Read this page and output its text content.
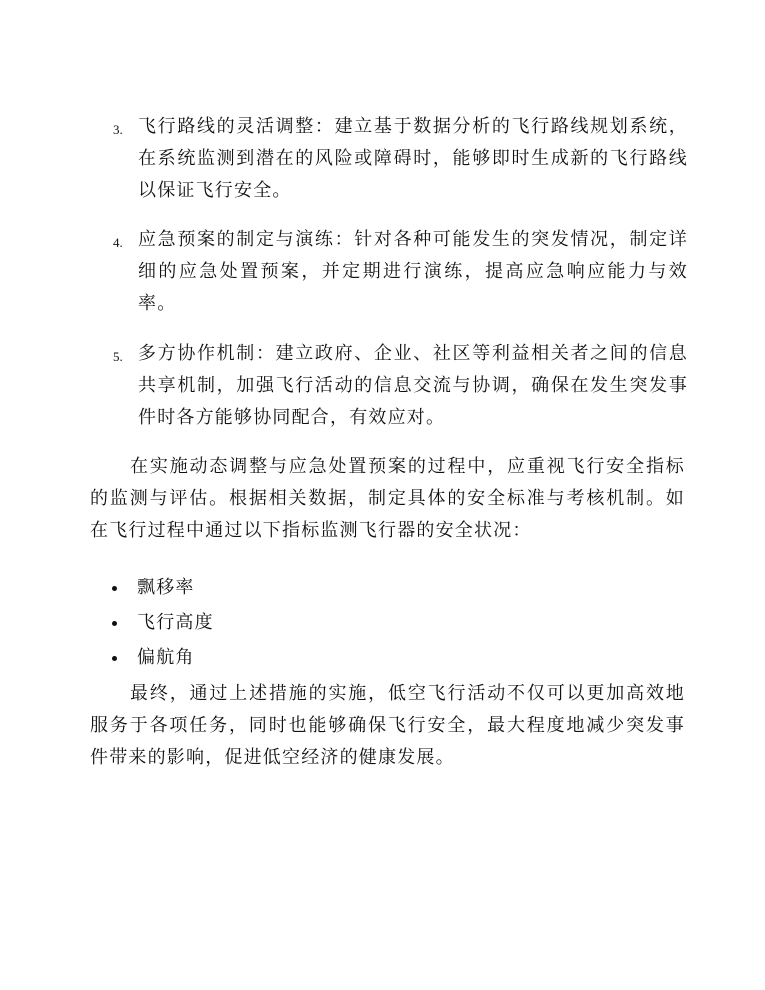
3. 飞行路线的灵活调整：建立基于数据分析的飞行路线规划系统，在系统监测到潜在的风险或障碍时，能够即时生成新的飞行路线以保证飞行安全。
4. 应急预案的制定与演练：针对各种可能发生的突发情况，制定详细的应急处置预案，并定期进行演练，提高应急响应能力与效率。
5. 多方协作机制：建立政府、企业、社区等利益相关者之间的信息共享机制，加强飞行活动的信息交流与协调，确保在发生突发事件时各方能够协同配合，有效应对。

在实施动态调整与应急处置预案的过程中，应重视飞行安全指标的监测与评估。根据相关数据，制定具体的安全标准与考核机制。如在飞行过程中通过以下指标监测飞行器的安全状况：

飘移率
飞行高度
偏航角

最终，通过上述措施的实施，低空飞行活动不仅可以更加高效地服务于各项任务，同时也能够确保飞行安全，最大程度地减少突发事件带来的影响，促进低空经济的健康发展。
